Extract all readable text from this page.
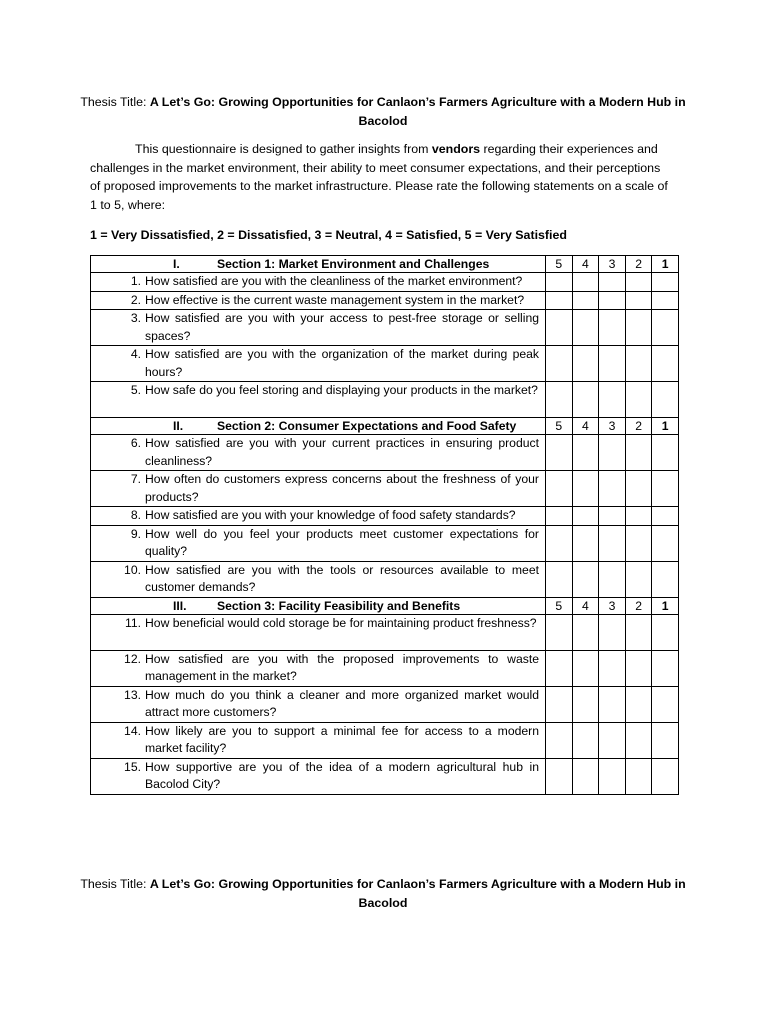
Thesis Title: A Let’s Go: Growing Opportunities for Canlaon’s Farmers Agriculture with a Modern Hub in
Bacolod
This questionnaire is designed to gather insights from vendors regarding their experiences and challenges in the market environment, their ability to meet consumer expectations, and their perceptions of proposed improvements to the market infrastructure. Please rate the following statements on a scale of 1 to 5, where:
1 = Very Dissatisfied, 2 = Dissatisfied, 3 = Neutral, 4 = Satisfied, 5 = Very Satisfied
I. Section 1: Market Environment and Challenges	5	4	3	2	1

1. How satisfied are you with the cleanliness of the market environment?					

2. How effective is the current waste management system in the market?					

3. How satisfied are you with your access to pest-free storage or selling spaces?					

4. How satisfied are you with the organization of the market during peak hours?					

5. How safe do you feel storing and displaying your products in the market?					

II. Section 2: Consumer Expectations and Food Safety	5	4	3	2	1

6. How satisfied are you with your current practices in ensuring product cleanliness?					

7. How often do customers express concerns about the freshness of your products?					

8. How satisfied are you with your knowledge of food safety standards?					

9. How well do you feel your products meet customer expectations for quality?					

10. How satisfied are you with the tools or resources available to meet customer demands?					

III. Section 3: Facility Feasibility and Benefits	5	4	3	2	1

11. How beneficial would cold storage be for maintaining product freshness?					

12. How satisfied are you with the proposed improvements to waste management in the market?					

13. How much do you think a cleaner and more organized market would attract more customers?					

14. How likely are you to support a minimal fee for access to a modern market facility?					

15. How supportive are you of the idea of a modern agricultural hub in Bacolod City?					

Thesis Title: A Let’s Go: Growing Opportunities for Canlaon’s Farmers Agriculture with a Modern Hub in
Bacolod
